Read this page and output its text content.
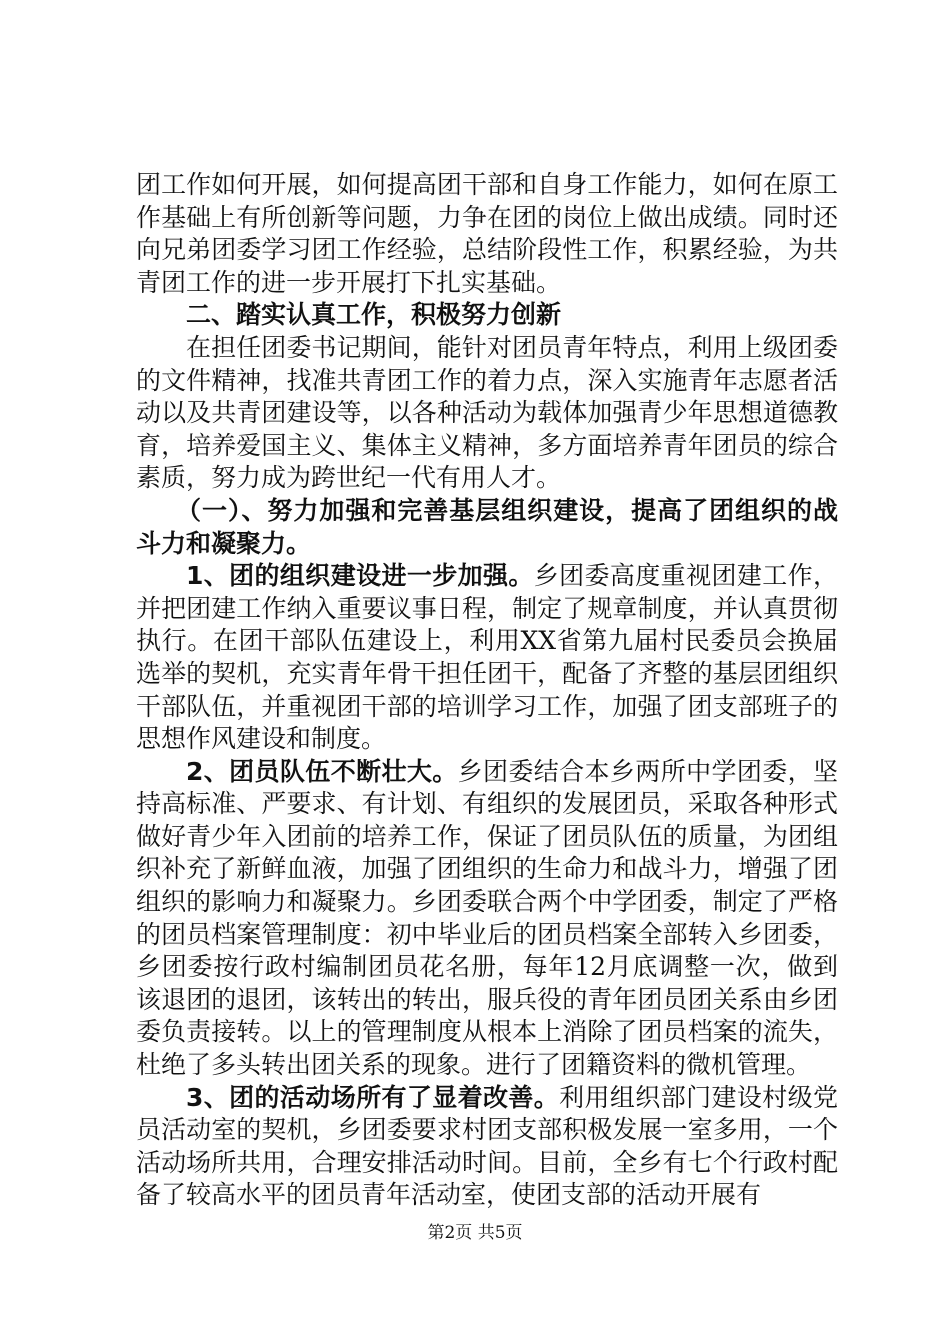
团工作如何开展，如何提高团干部和自身工作能力，如何在原工作基础上有所创新等问题，力争在团的岗位上做出成绩。同时还向兄弟团委学习团工作经验，总结阶段性工作，积累经验，为共青团工作的进一步开展打下扎实基础。

二、踏实认真工作，积极努力创新

在担任团委书记期间，能针对团员青年特点，利用上级团委的文件精神，找准共青团工作的着力点，深入实施青年志愿者活动以及共青团建设等，以各种活动为载体加强青少年思想道德教育，培养爱国主义、集体主义精神，多方面培养青年团员的综合素质，努力成为跨世纪一代有用人才。

（一）、努力加强和完善基层组织建设，提高了团组织的战斗力和凝聚力。

1、团的组织建设进一步加强。乡团委高度重视团建工作，并把团建工作纳入重要议事日程，制定了规章制度，并认真贯彻执行。在团干部队伍建设上，利用XX省第九届村民委员会换届选举的契机，充实青年骨干担任团干，配备了齐整的基层团组织干部队伍，并重视团干部的培训学习工作，加强了团支部班子的思想作风建设和制度。

2、团员队伍不断壮大。乡团委结合本乡两所中学团委，坚持高标准、严要求、有计划、有组织的发展团员，采取各种形式做好青少年入团前的培养工作，保证了团员队伍的质量，为团组织补充了新鲜血液，加强了团组织的生命力和战斗力，增强了团组织的影响力和凝聚力。乡团委联合两个中学团委，制定了严格的团员档案管理制度：初中毕业后的团员档案全部转入乡团委，乡团委按行政村编制团员花名册，每年12月底调整一次，做到该退团的退团，该转出的转出，服兵役的青年团员团关系由乡团委负责接转。以上的管理制度从根本上消除了团员档案的流失，杜绝了多头转出团关系的现象。进行了团籍资料的微机管理。

3、团的活动场所有了显着改善。利用组织部门建设村级党员活动室的契机，乡团委要求村团支部积极发展一室多用，一个活动场所共用，合理安排活动时间。目前，全乡有七个行政村配备了较高水平的团员青年活动室，使团支部的活动开展有

第2页 共5页
